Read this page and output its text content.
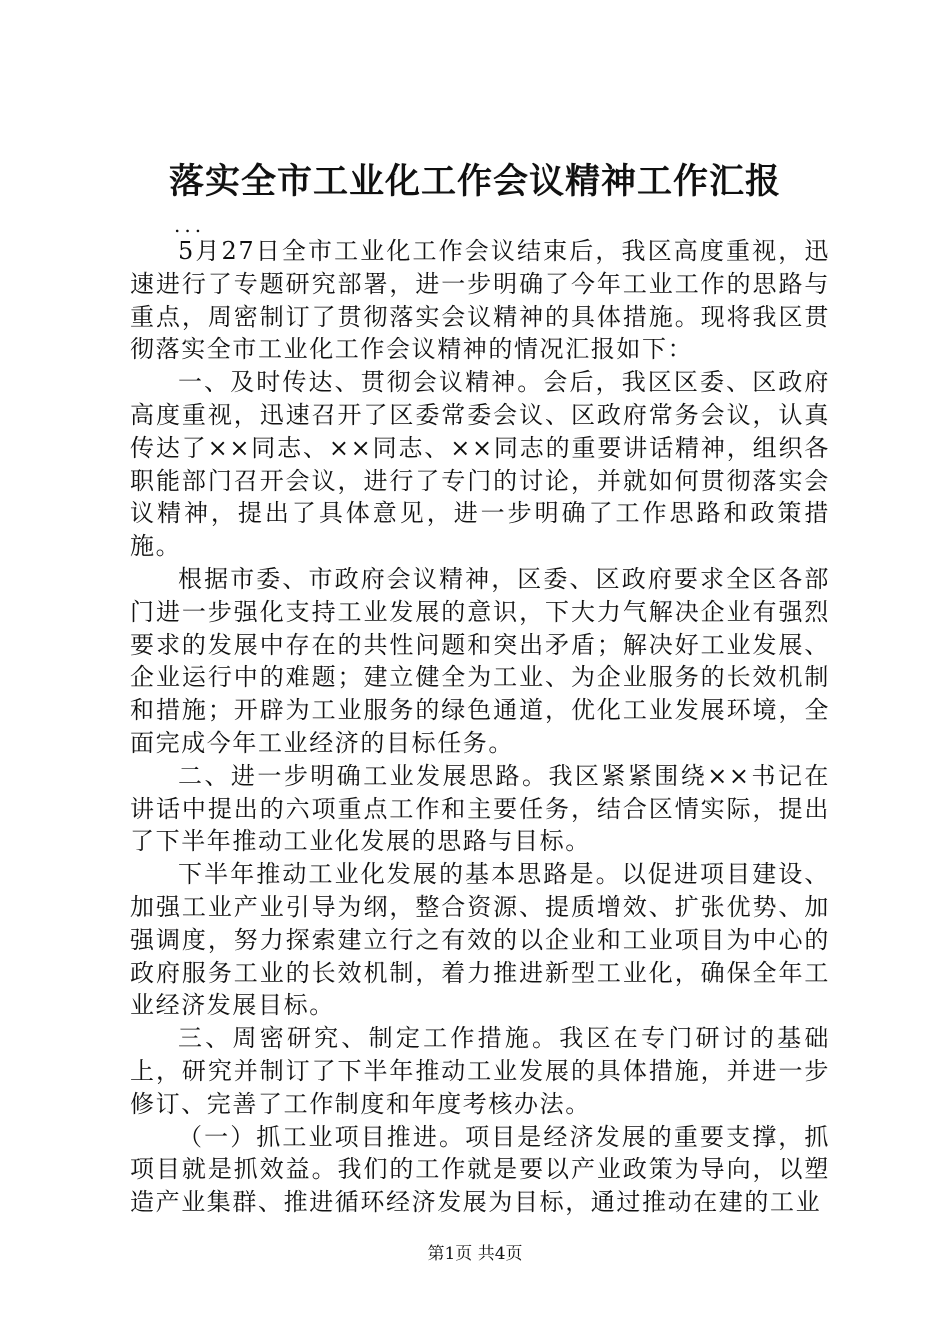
落实全市工业化工作会议精神工作汇报
...

5月27日全市工业化工作会议结束后，我区高度重视，迅速进行了专题研究部署，进一步明确了今年工业工作的思路与重点，周密制订了贯彻落实会议精神的具体措施。现将我区贯彻落实全市工业化工作会议精神的情况汇报如下：

一、及时传达、贯彻会议精神。会后，我区区委、区政府高度重视，迅速召开了区委常委会议、区政府常务会议，认真传达了××同志、××同志、××同志的重要讲话精神，组织各职能部门召开会议，进行了专门的讨论，并就如何贯彻落实会议精神，提出了具体意见，进一步明确了工作思路和政策措施。

根据市委、市政府会议精神，区委、区政府要求全区各部门进一步强化支持工业发展的意识，下大力气解决企业有强烈要求的发展中存在的共性问题和突出矛盾；解决好工业发展、企业运行中的难题；建立健全为工业、为企业服务的长效机制和措施；开辟为工业服务的绿色通道，优化工业发展环境，全面完成今年工业经济的目标任务。

二、进一步明确工业发展思路。我区紧紧围绕××书记在讲话中提出的六项重点工作和主要任务，结合区情实际，提出了下半年推动工业化发展的思路与目标。

下半年推动工业化发展的基本思路是。以促进项目建设、加强工业产业引导为纲，整合资源、提质增效、扩张优势、加强调度，努力探索建立行之有效的以企业和工业项目为中心的政府服务工业的长效机制，着力推进新型工业化，确保全年工业经济发展目标。

三、周密研究、制定工作措施。我区在专门研讨的基础上，研究并制订了下半年推动工业发展的具体措施，并进一步修订、完善了工作制度和年度考核办法。

（一）抓工业项目推进。项目是经济发展的重要支撑，抓项目就是抓效益。我们的工作就是要以产业政策为导向，以塑造产业集群、推进循环经济发展为目标，通过推动在建的工业

第1页 共4页
